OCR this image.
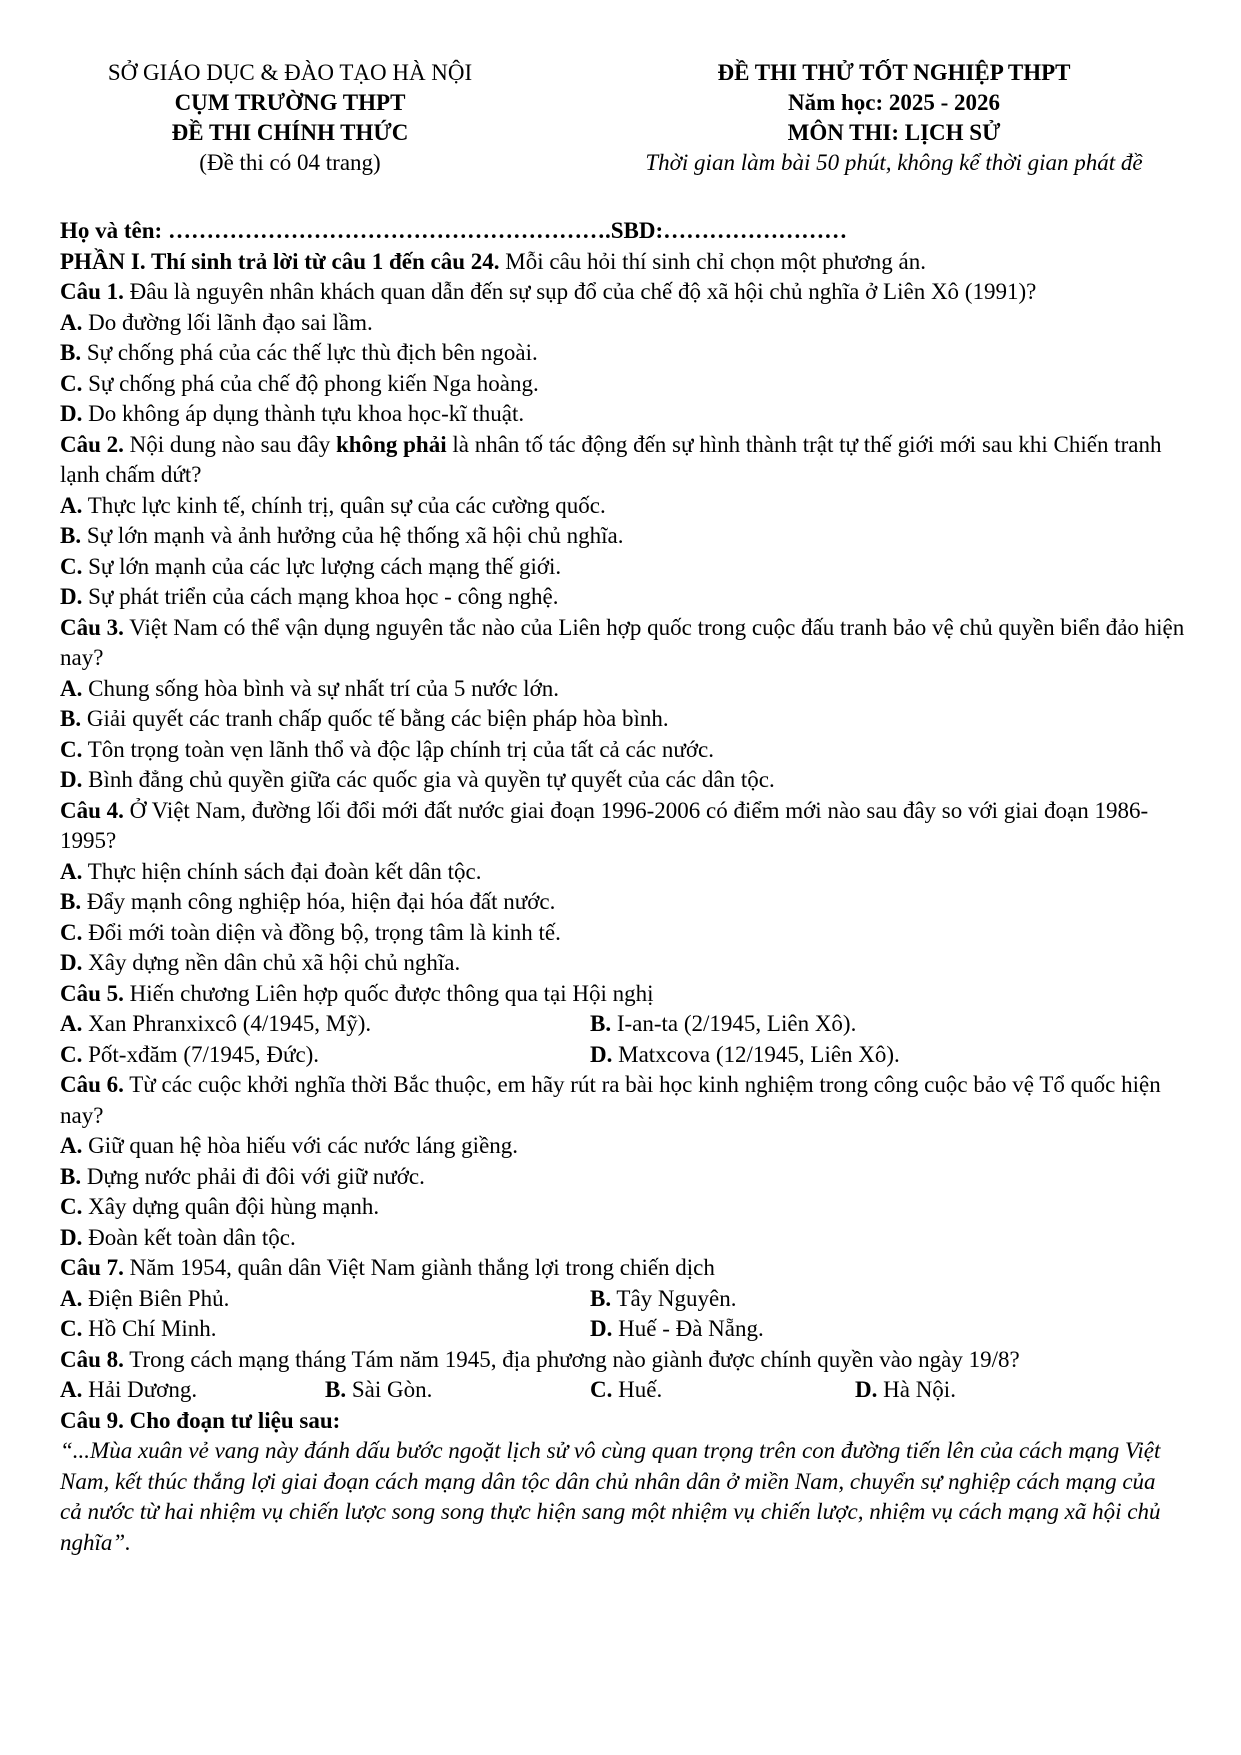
SỞ GIÁO DỤC & ĐÀO TẠO HÀ NỘI
CỤM TRƯỜNG THPT
ĐỀ THI CHÍNH THỨC
(Đề thi có 04 trang)
ĐỀ THI THỬ TỐT NGHIỆP THPT
Năm học: 2025 - 2026
MÔN THI: LỊCH SỬ
Thời gian làm bài 50 phút, không kể thời gian phát đề
Họ và tên: ………………………………………………….SBD:……………………
PHẦN I. Thí sinh trả lời từ câu 1 đến câu 24. Mỗi câu hỏi thí sinh chỉ chọn một phương án.
Câu 1. Đâu là nguyên nhân khách quan dẫn đến sự sụp đổ của chế độ xã hội chủ nghĩa ở Liên Xô (1991)?
A. Do đường lối lãnh đạo sai lầm.
B. Sự chống phá của các thế lực thù địch bên ngoài.
C. Sự chống phá của chế độ phong kiến Nga hoàng.
D. Do không áp dụng thành tựu khoa học-kĩ thuật.
Câu 2. Nội dung nào sau đây không phải là nhân tố tác động đến sự hình thành trật tự thế giới mới sau khi Chiến tranh lạnh chấm dứt?
A. Thực lực kinh tế, chính trị, quân sự của các cường quốc.
B. Sự lớn mạnh và ảnh hưởng của hệ thống xã hội chủ nghĩa.
C. Sự lớn mạnh của các lực lượng cách mạng thế giới.
D. Sự phát triển của cách mạng khoa học - công nghệ.
Câu 3. Việt Nam có thể vận dụng nguyên tắc nào của Liên hợp quốc trong cuộc đấu tranh bảo vệ chủ quyền biển đảo hiện nay?
A. Chung sống hòa bình và sự nhất trí của 5 nước lớn.
B. Giải quyết các tranh chấp quốc tế bằng các biện pháp hòa bình.
C. Tôn trọng toàn vẹn lãnh thổ và độc lập chính trị của tất cả các nước.
D. Bình đẳng chủ quyền giữa các quốc gia và quyền tự quyết của các dân tộc.
Câu 4. Ở Việt Nam, đường lối đổi mới đất nước giai đoạn 1996-2006 có điểm mới nào sau đây so với giai đoạn 1986-1995?
A. Thực hiện chính sách đại đoàn kết dân tộc.
B. Đẩy mạnh công nghiệp hóa, hiện đại hóa đất nước.
C. Đổi mới toàn diện và đồng bộ, trọng tâm là kinh tế.
D. Xây dựng nền dân chủ xã hội chủ nghĩa.
Câu 5. Hiến chương Liên hợp quốc được thông qua tại Hội nghị
A. Xan Phranxixcô (4/1945, Mỹ).	B. I-an-ta (2/1945, Liên Xô).
C. Pốt-xđăm (7/1945, Đức).	D. Matxcova (12/1945, Liên Xô).
Câu 6. Từ các cuộc khởi nghĩa thời Bắc thuộc, em hãy rút ra bài học kinh nghiệm trong công cuộc bảo vệ Tổ quốc hiện nay?
A. Giữ quan hệ hòa hiếu với các nước láng giềng.
B. Dựng nước phải đi đôi với giữ nước.
C. Xây dựng quân đội hùng mạnh.
D. Đoàn kết toàn dân tộc.
Câu 7. Năm 1954, quân dân Việt Nam giành thắng lợi trong chiến dịch
A. Điện Biên Phủ.	B. Tây Nguyên.
C. Hồ Chí Minh.	D. Huế - Đà Nẵng.
Câu 8. Trong cách mạng tháng Tám năm 1945, địa phương nào giành được chính quyền vào ngày 19/8?
A. Hải Dương.	B. Sài Gòn.	C. Huế.	D. Hà Nội.
Câu 9. Cho đoạn tư liệu sau:
“...Mùa xuân vẻ vang này đánh dấu bước ngoặt lịch sử vô cùng quan trọng trên con đường tiến lên của cách mạng Việt Nam, kết thúc thắng lợi giai đoạn cách mạng dân tộc dân chủ nhân dân ở miền Nam, chuyển sự nghiệp cách mạng của cả nước từ hai nhiệm vụ chiến lược song song thực hiện sang một nhiệm vụ chiến lược, nhiệm vụ cách mạng xã hội chủ nghĩa”.
